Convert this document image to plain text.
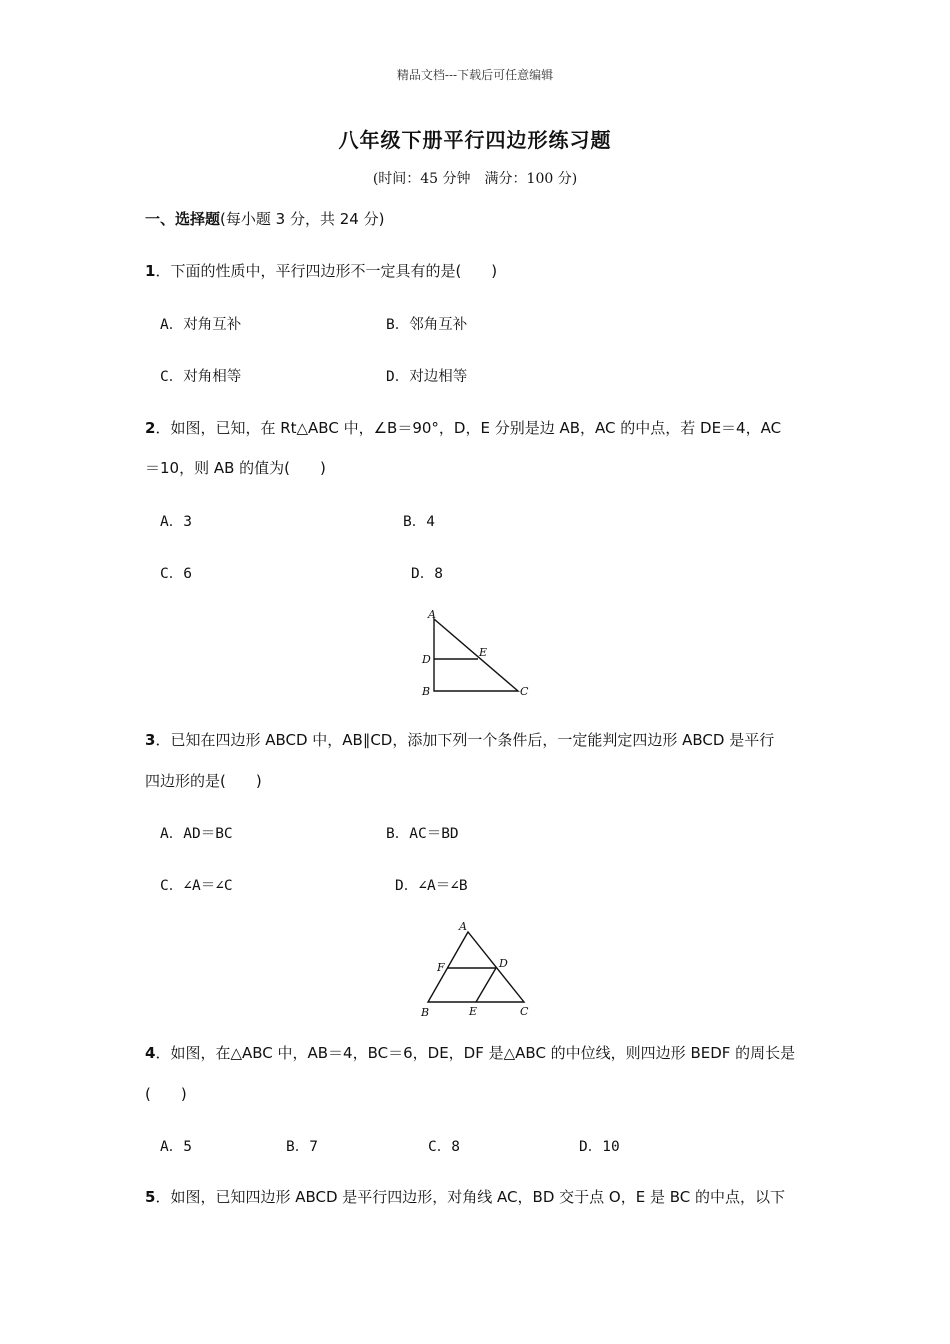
精品文档---下载后可任意编辑
八年级下册平行四边形练习题
(时间：45 分钟　满分：100 分)
一、选择题(每小题 3 分，共 24 分)
1．下面的性质中，平行四边形不一定具有的是(　　)
A．对角互补	B．邻角互补
C．对角相等	D．对边相等
2．如图，已知，在 Rt△ABC 中，∠B＝90°，D，E 分别是边 AB，AC 的中点，若 DE＝4，AC
＝10，则 AB 的值为(　　)
A．3	B．4
C．6	D．8
A
D
E
B	C
3．已知在四边形 ABCD 中，AB∥CD，添加下列一个条件后，一定能判定四边形 ABCD 是平行
四边形的是(　　)
A．AD＝BC	B．AC＝BD
C．∠A＝∠C	D．∠A＝∠B
A
F	D
B	E	C
4．如图，在△ABC 中，AB＝4，BC＝6，DE，DF 是△ABC 的中位线，则四边形 BEDF 的周长是
(　　)
A．5	B．7	C．8	D．10
5．如图，已知四边形 ABCD 是平行四边形，对角线 AC，BD 交于点 O，E 是 BC 的中点，以下
